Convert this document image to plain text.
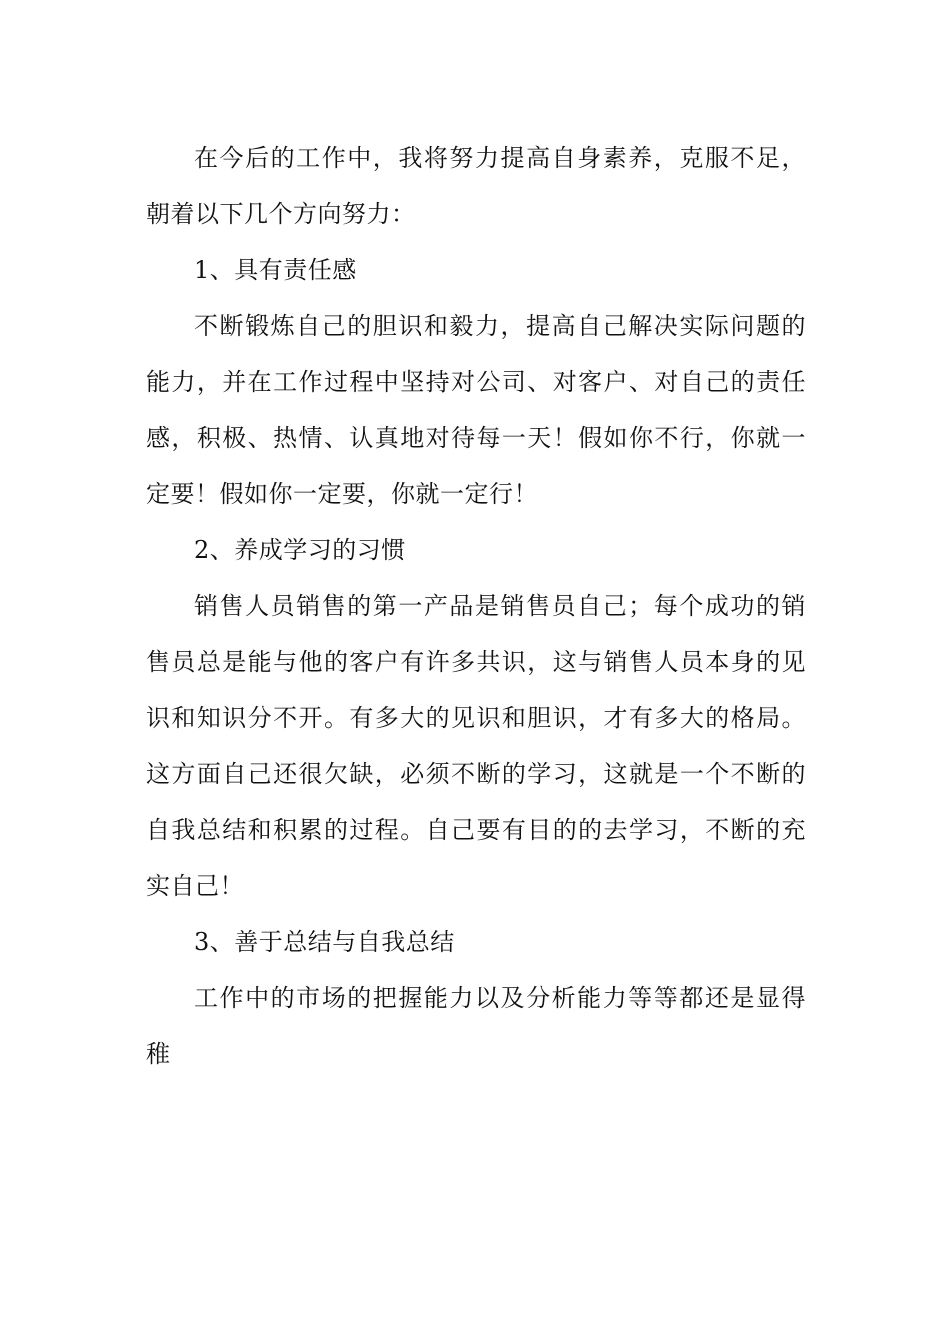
在今后的工作中，我将努力提高自身素养，克服不足，朝着以下几个方向努力：

1、具有责任感

不断锻炼自己的胆识和毅力，提高自己解决实际问题的能力，并在工作过程中坚持对公司、对客户、对自己的责任感，积极、热情、认真地对待每一天！假如你不行，你就一定要！假如你一定要，你就一定行！

2、养成学习的习惯

销售人员销售的第一产品是销售员自己；每个成功的销售员总是能与他的客户有许多共识，这与销售人员本身的见识和知识分不开。有多大的见识和胆识，才有多大的格局。这方面自己还很欠缺，必须不断的学习，这就是一个不断的自我总结和积累的过程。自己要有目的的去学习，不断的充实自己！

3、善于总结与自我总结

工作中的市场的把握能力以及分析能力等等都还是显得稚
